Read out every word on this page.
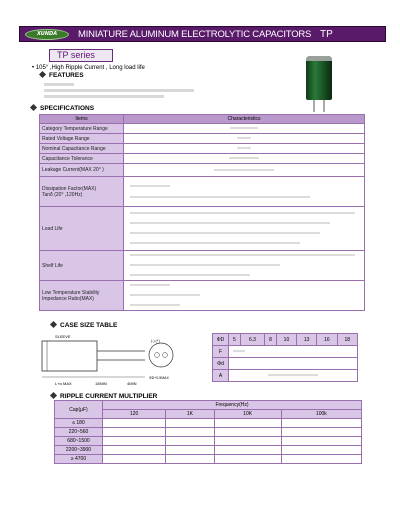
XUNDA	MINIATURE ALUMINUM ELECTROLYTIC CAPACITORS TP
TP series
• 105° ,High Ripple Current , Long load life
FEATURES
SPECIFICATIONS
Items	Characteristics
Category Temperature Range	
Rated Voltage Range	
Nominal Capacitance Range	
Capacitance Tolerance	
Leakage Current(MAX 20° )	

Dissipation Factor(MAX)
Tanδ (20° ,120Hz)	

Load Life	

Shelf Life	

Low Temperature Stability
Impedance Ratio(MAX)	

CASE SIZE TABLE
SLEEVE
L+α MAX	15MIN	4MIN
(-) (+)
ΦD+0.5MAX
ΦD	5	6.3	8	10	13	16	18
F							
Φd							
A							
RIPPLE CURRENT MULTIPLIER
Cap(μF)	Frequency(Hz)			
	120	1K	10K	100k
≤ 180				
220~560				
680~1500				
2200~3900				
≥ 4700				
